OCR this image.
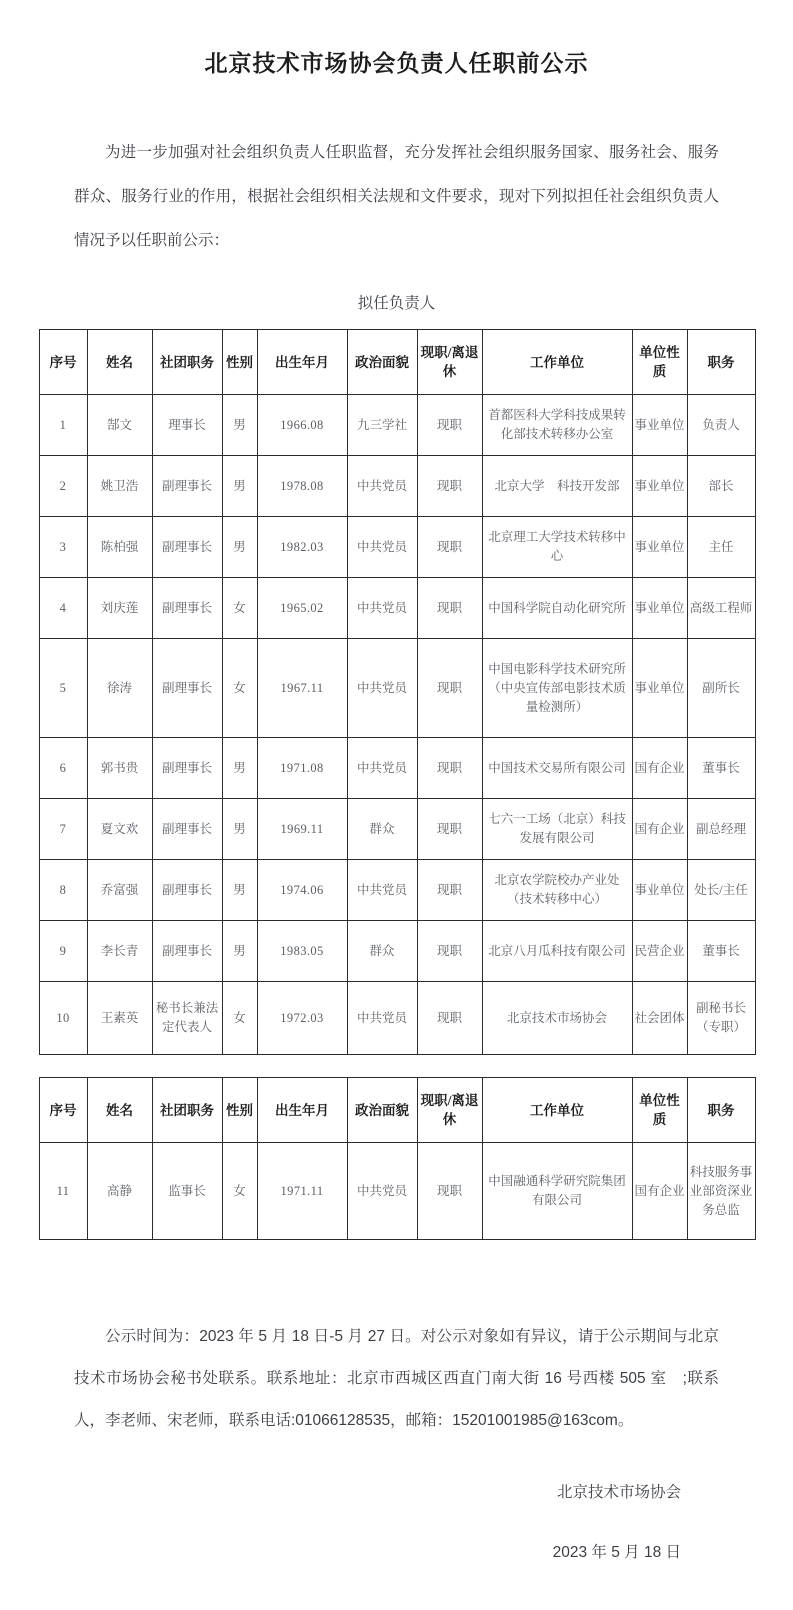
北京技术市场协会负责人任职前公示

为进一步加强对社会组织负责人任职监督，充分发挥社会组织服务国家、服务社会、服务群众、服务行业的作用，根据社会组织相关法规和文件要求，现对下列拟担任社会组织负责人情况予以任职前公示：

拟任负责人
序号	姓名	社团职务	性别	出生年月	政治面貌	现职/离退休	工作单位	单位性质	职务
1	郜文	理事长	男	1966.08	九三学社	现职	首都医科大学科技成果转化部技术转移办公室	事业单位	负责人
2	姚卫浩	副理事长	男	1978.08	中共党员	现职	北京大学　科技开发部	事业单位	部长
3	陈柏强	副理事长	男	1982.03	中共党员	现职	北京理工大学技术转移中心	事业单位	主任
4	刘庆莲	副理事长	女	1965.02	中共党员	现职	中国科学院自动化研究所	事业单位	高级工程师
5	徐涛	副理事长	女	1967.11	中共党员	现职	中国电影科学技术研究所 （中央宣传部电影技术质量检测所）	事业单位	副所长
6	郭书贵	副理事长	男	1971.08	中共党员	现职	中国技术交易所有限公司	国有企业	董事长
7	夏文欢	副理事长	男	1969.11	群众	现职	七六一工场（北京）科技发展有限公司	国有企业	副总经理
8	乔富强	副理事长	男	1974.06	中共党员	现职	北京农学院校办产业处（技术转移中心）	事业单位	处长/主任
9	李长青	副理事长	男	1983.05	群众	现职	北京八月瓜科技有限公司	民营企业	董事长
10	王素英	秘书长兼法定代表人	女	1972.03	中共党员	现职	北京技术市场协会	社会团体	副秘书长（专职）
序号	姓名	社团职务	性别	出生年月	政治面貌	现职/离退休	工作单位	单位性质	职务
11	高静	监事长	女	1971.11	中共党员	现职	中国融通科学研究院集团有限公司	国有企业	科技服务事业部资深业务总监

公示时间为：2023 年 5 月 18 日-5 月 27 日。对公示对象如有异议，请于公示期间与北京技术市场协会秘书处联系。联系地址：北京市西城区西直门南大街 16 号西楼 505 室　;联系人，李老师、宋老师，联系电话:01066128535，邮箱：15201001985@163com。

北京技术市场协会
2023 年 5 月 18 日
